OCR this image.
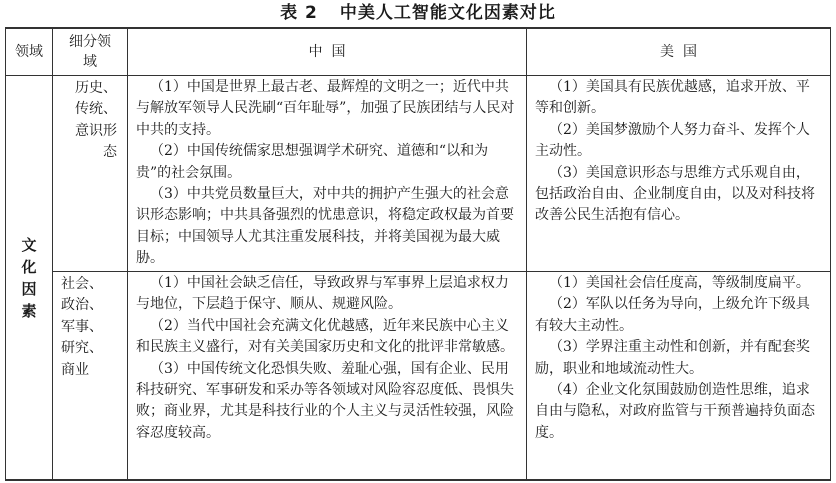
表 2 中美人工智能文化因素对比
领域
细分领域
中  国	美  国
文
化
因
素
历史、传统、意识形态

（1）中国是世界上最古老、最辉煌的文明之一；近代中共与解放军领导人民洗刷“百年耻辱”，加强了民族团结与人民对中共的支持。

（2）中国传统儒家思想强调学术研究、道德和“以和为贵”的社会氛围。

（3）中共党员数量巨大，对中共的拥护产生强大的社会意识形态影响；中共具备强烈的忧患意识，将稳定政权最为首要目标；中国领导人尤其注重发展科技，并将美国视为最大威胁。

（1）美国具有民族优越感，追求开放、平等和创新。

（2）美国梦激励个人努力奋斗、发挥个人主动性。

（3）美国意识形态与思维方式乐观自由，包括政治自由、企业制度自由，以及对科技将改善公民生活抱有信心。

社会、政治、军事、研究、商业

（1）中国社会缺乏信任，导致政界与军事界上层追求权力与地位，下层趋于保守、顺从、规避风险。

（2）当代中国社会充满文化优越感，近年来民族中心主义和民族主义盛行，对有关美国家历史和文化的批评非常敏感。

（3）中国传统文化恐惧失败、羞耻心强，国有企业、民用科技研究、军事研发和采办等各领域对风险容忍度低、畏惧失败；商业界，尤其是科技行业的个人主义与灵活性较强，风险容忍度较高。

（1）美国社会信任度高，等级制度扁平。

（2）军队以任务为导向，上级允许下级具有较大主动性。

（3）学界注重主动性和创新，并有配套奖励，职业和地域流动性大。

（4）企业文化氛围鼓励创造性思维，追求自由与隐私，对政府监管与干预普遍持负面态度。
